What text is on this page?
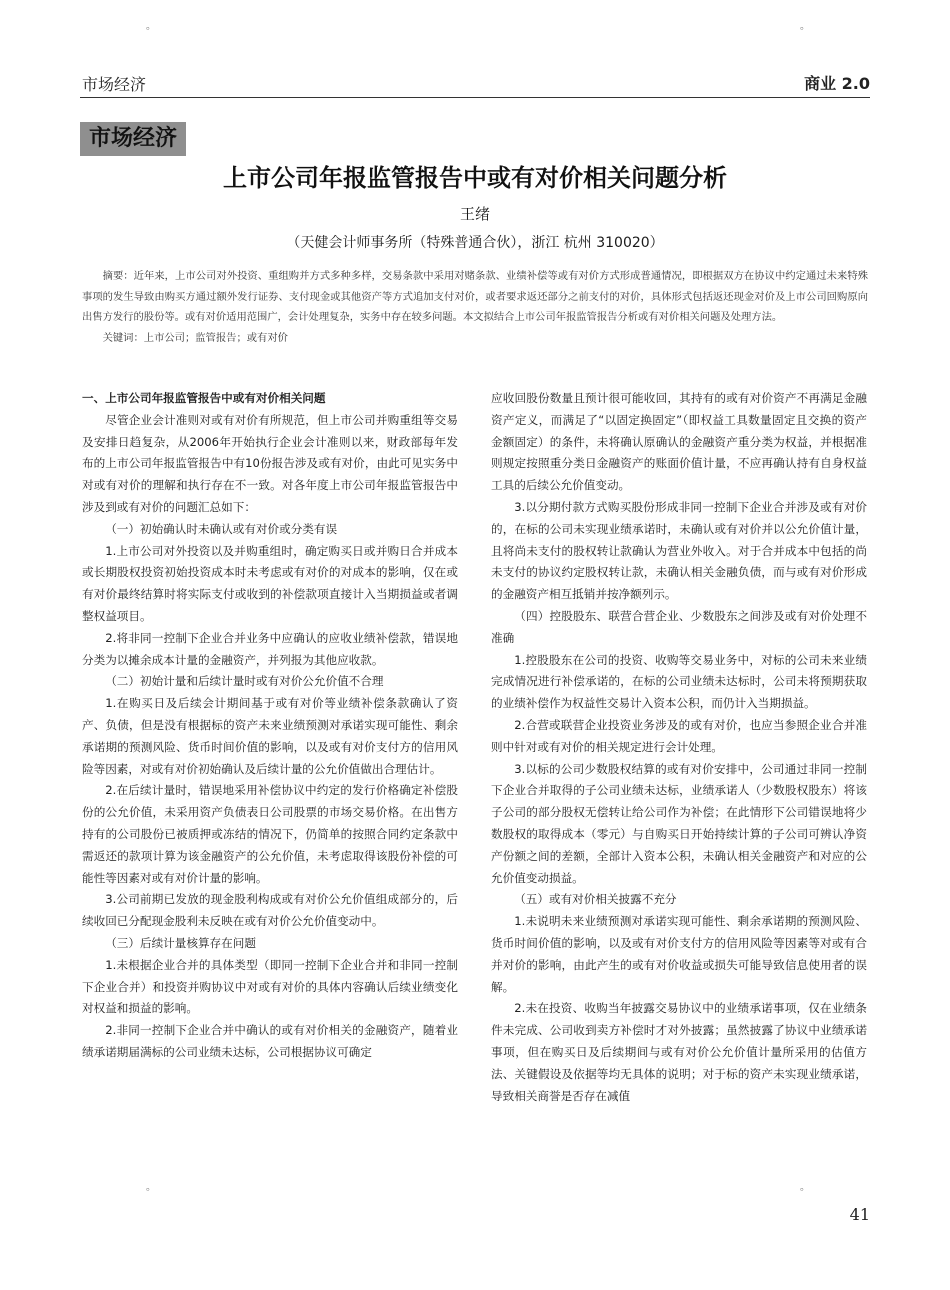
。	。
市场经济	商业 2.0
市场经济
上市公司年报监管报告中或有对价相关问题分析
王绪
（天健会计师事务所（特殊普通合伙），浙江 杭州 310020）

摘要：近年来，上市公司对外投资、重组购并方式多种多样，交易条款中采用对赌条款、业绩补偿等或有对价方式形成普通情况，即根据双方在协议中约定通过未来特殊事项的发生导致由购买方通过额外发行证券、支付现金或其他资产等方式追加支付对价，或者要求返还部分之前支付的对价，具体形式包括返还现金对价及上市公司回购原向出售方发行的股份等。或有对价适用范围广，会计处理复杂，实务中存在较多问题。本文拟结合上市公司年报监管报告分析或有对价相关问题及处理方法。

关键词：上市公司；监管报告；或有对价

一、上市公司年报监管报告中或有对价相关问题

尽管企业会计准则对或有对价有所规范，但上市公司并购重组等交易及安排日趋复杂，从2006年开始执行企业会计准则以来，财政部每年发布的上市公司年报监管报告中有10份报告涉及或有对价，由此可见实务中对或有对价的理解和执行存在不一致。对各年度上市公司年报监管报告中涉及到或有对价的问题汇总如下：

（一）初始确认时未确认或有对价或分类有误

1.上市公司对外投资以及并购重组时，确定购买日或并购日合并成本或长期股权投资初始投资成本时未考虑或有对价的对成本的影响，仅在或有对价最终结算时将实际支付或收到的补偿款项直接计入当期损益或者调整权益项目。

2.将非同一控制下企业合并业务中应确认的应收业绩补偿款，错误地分类为以摊余成本计量的金融资产，并列报为其他应收款。

（二）初始计量和后续计量时或有对价公允价值不合理

1.在购买日及后续会计期间基于或有对价等业绩补偿条款确认了资产、负债，但是没有根据标的资产未来业绩预测对承诺实现可能性、剩余承诺期的预测风险、货币时间价值的影响，以及或有对价支付方的信用风险等因素，对或有对价初始确认及后续计量的公允价值做出合理估计。

2.在后续计量时，错误地采用补偿协议中约定的发行价格确定补偿股份的公允价值，未采用资产负债表日公司股票的市场交易价格。在出售方持有的公司股份已被质押或冻结的情况下，仍简单的按照合同约定条款中需返还的款项计算为该金融资产的公允价值，未考虑取得该股份补偿的可能性等因素对或有对价计量的影响。

3.公司前期已发放的现金股利构成或有对价公允价值组成部分的，后续收回已分配现金股利未反映在或有对价公允价值变动中。

（三）后续计量核算存在问题

1.未根据企业合并的具体类型（即同一控制下企业合并和非同一控制下企业合并）和投资并购协议中对或有对价的具体内容确认后续业绩变化对权益和损益的影响。

2.非同一控制下企业合并中确认的或有对价相关的金融资产，随着业绩承诺期届满标的公司业绩未达标，公司根据协议可确定

应收回股份数量且预计很可能收回，其持有的或有对价资产不再满足金融资产定义，而满足了“以固定换固定”（即权益工具数量固定且交换的资产金额固定）的条件，未将确认原确认的金融资产重分类为权益，并根据准则规定按照重分类日金融资产的账面价值计量，不应再确认持有自身权益工具的后续公允价值变动。

3.以分期付款方式购买股份形成非同一控制下企业合并涉及或有对价的，在标的公司未实现业绩承诺时，未确认或有对价并以公允价值计量，且将尚未支付的股权转让款确认为营业外收入。对于合并成本中包括的尚未支付的协议约定股权转让款，未确认相关金融负债，而与或有对价形成的金融资产相互抵销并按净额列示。

（四）控股股东、联营合营企业、少数股东之间涉及或有对价处理不准确

1.控股股东在公司的投资、收购等交易业务中，对标的公司未来业绩完成情况进行补偿承诺的，在标的公司业绩未达标时，公司未将预期获取的业绩补偿作为权益性交易计入资本公积，而仍计入当期损益。

2.合营或联营企业投资业务涉及的或有对价，也应当参照企业合并准则中针对或有对价的相关规定进行会计处理。

3.以标的公司少数股权结算的或有对价安排中，公司通过非同一控制下企业合并取得的子公司业绩未达标，业绩承诺人（少数股权股东）将该子公司的部分股权无偿转让给公司作为补偿；在此情形下公司错误地将少数股权的取得成本（零元）与自购买日开始持续计算的子公司可辨认净资产份额之间的差额，全部计入资本公积，未确认相关金融资产和对应的公允价值变动损益。

（五）或有对价相关披露不充分

1.未说明未来业绩预测对承诺实现可能性、剩余承诺期的预测风险、货币时间价值的影响，以及或有对价支付方的信用风险等因素等对或有合并对价的影响，由此产生的或有对价收益或损失可能导致信息使用者的误解。

2.未在投资、收购当年披露交易协议中的业绩承诺事项，仅在业绩条件未完成、公司收到卖方补偿时才对外披露；虽然披露了协议中业绩承诺事项，但在购买日及后续期间与或有对价公允价值计量所采用的估值方法、关键假设及依据等均无具体的说明；对于标的资产未实现业绩承诺，导致相关商誉是否存在减值

。	。
41
